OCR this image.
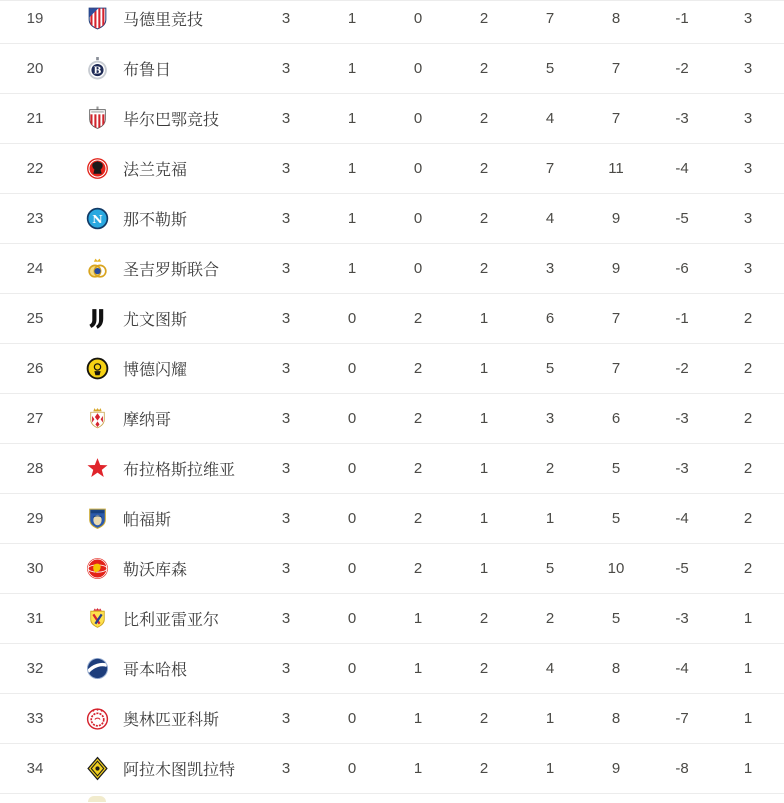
19	马德里竞技	3	1	0	2	7	8	-1	3
20	B 布鲁日	3	1	0	2	5	7	-2	3
21	毕尔巴鄂竞技	3	1	0	2	4	7	-3	3
22	法兰克福	3	1	0	2	7	11	-4	3
23	N 那不勒斯	3	1	0	2	4	9	-5	3
24	圣吉罗斯联合	3	1	0	2	3	9	-6	3
25	尤文图斯	3	0	2	1	6	7	-1	2
26	博德闪耀	3	0	2	1	5	7	-2	2
27	摩纳哥	3	0	2	1	3	6	-3	2
28	布拉格斯拉维亚	3	0	2	1	2	5	-3	2
29	帕福斯	3	0	2	1	1	5	-4	2
30	勒沃库森	3	0	2	1	5	10	-5	2
31	比利亚雷亚尔	3	0	1	2	2	5	-3	1
32	哥本哈根	3	0	1	2	4	8	-4	1
33	奥林匹亚科斯	3	0	1	2	1	8	-7	1
34	阿拉木图凯拉特	3	0	1	2	1	9	-8	1
